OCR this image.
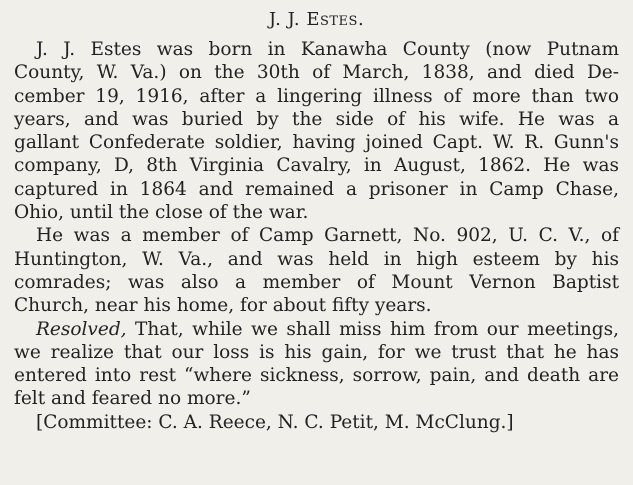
J. J. Estes.
J. J. Estes was born in Kanawha County (now Putnam
County, W. Va.) on the 30th of March, 1838, and died De-
cember 19, 1916, after a lingering illness of more than two
years, and was buried by the side of his wife. He was a
gallant Confederate soldier, having joined Capt. W. R. Gunn's
company, D, 8th Virginia Cavalry, in August, 1862. He was
captured in 1864 and remained a prisoner in Camp Chase,
Ohio, until the close of the war.
He was a member of Camp Garnett, No. 902, U. C. V., of
Huntington, W. Va., and was held in high esteem by his
comrades; was also a member of Mount Vernon Baptist
Church, near his home, for about fifty years.
Resolved, That, while we shall miss him from our meetings,
we realize that our loss is his gain, for we trust that he has
entered into rest “where sickness, sorrow, pain, and death are
felt and feared no more.”
[Committee: C. A. Reece, N. C. Petit, M. McClung.]
